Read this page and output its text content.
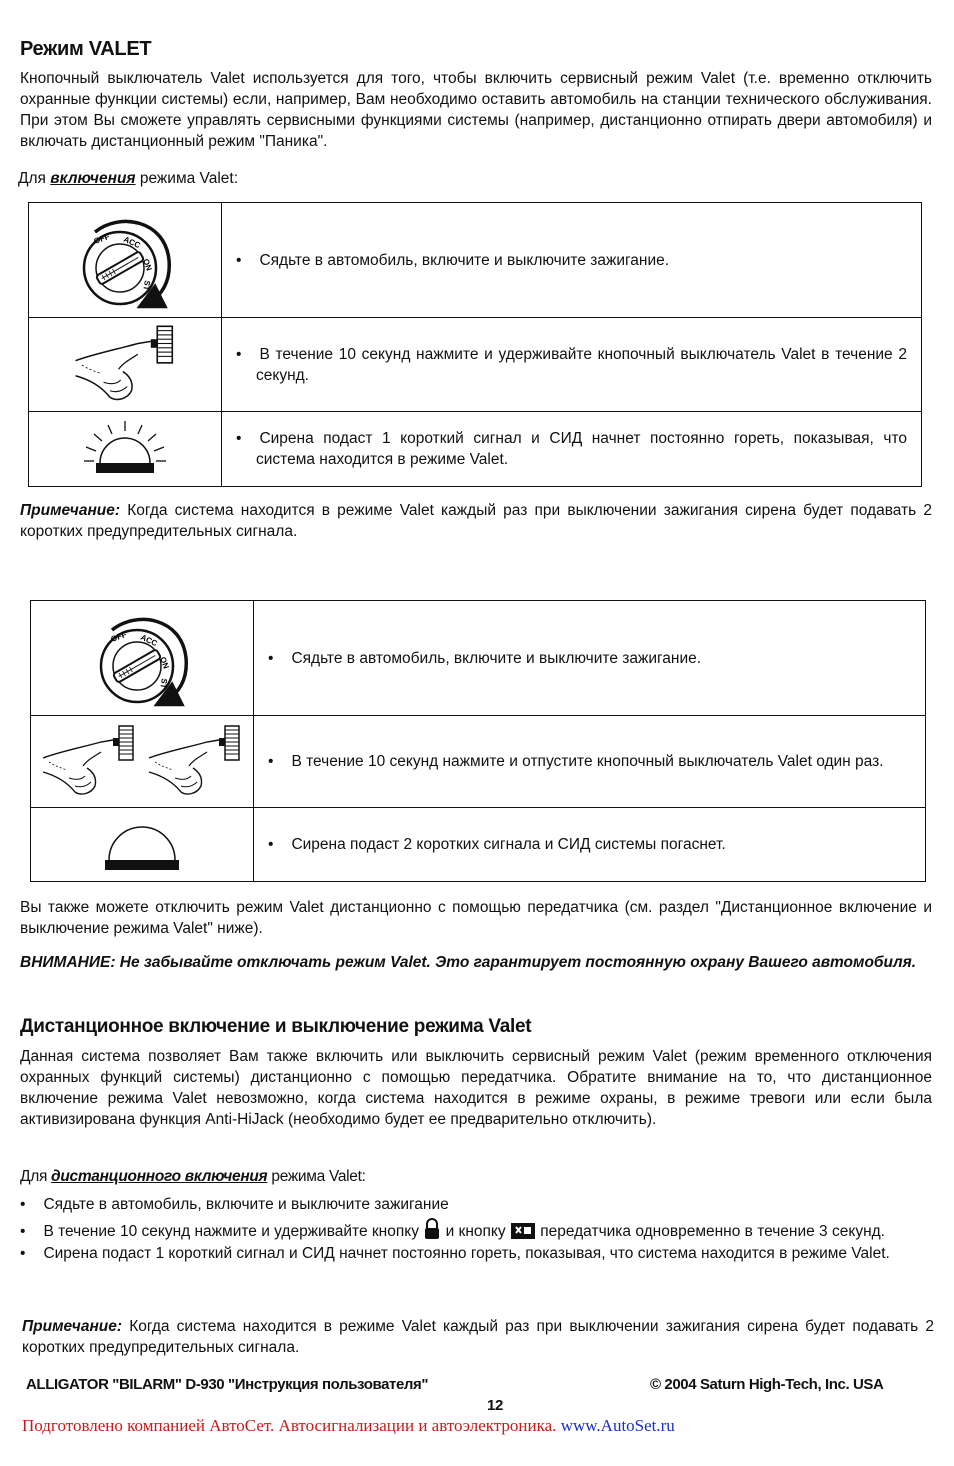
Режим VALET

Кнопочный выключатель Valet используется для того, чтобы включить сервисный режим Valet (т.е. временно отключить охранные функции системы) если, например, Вам необходимо оставить автомобиль на станции технического обслуживания. При этом Вы сможете управлять сервисными функциями системы (например, дистанционно отпирать двери автомобиля) и включать дистанционный режим "Паника".

Для включения режима Valet:

• Сядьте в автомобиль, включите и выключите зажигание.

• В течение 10 секунд нажмите и удерживайте кнопочный выключатель Valet в течение 2 секунд.

• Сирена подаст 1 короткий сигнал и СИД начнет постоянно гореть, показывая, что система находится в режиме Valet.

Примечание: Когда система находится в режиме Valet каждый раз при выключении зажигания сирена будет подавать 2 коротких предупредительных сигнала.

• Сядьте в автомобиль, включите и выключите зажигание.

• В течение 10 секунд нажмите и отпустите кнопочный выключатель Valet один раз.

• Сирена подаст 2 коротких сигнала и СИД системы погаснет.

Вы также можете отключить режим Valet дистанционно с помощью передатчика (см. раздел "Дистанционное включение и выключение режима Valet" ниже).

ВНИМАНИЕ: Не забывайте отключать режим Valet. Это гарантирует постоянную охрану Вашего автомобиля.

Дистанционное включение и выключение режима Valet

Данная система позволяет Вам также включить или выключить сервисный режим Valet (режим временного отключения охранных функций системы) дистанционно с помощью передатчика. Обратите внимание на то, что дистанционное включение режима Valet невозможно, когда система находится в режиме охраны, в режиме тревоги или если была активизирована функция Anti-HiJack (необходимо будет ее предварительно отключить).

Для дистанционного включения режима Valet:
• Сядьте в автомобиль, включите и выключите зажигание
• В течение 10 секунд нажмите и удерживайте кнопку  и кнопку  передатчика одновременно в течение 3 секунд.
• Сирена подаст 1 короткий сигнал и СИД начнет постоянно гореть, показывая, что система находится в режиме Valet.

Примечание: Когда система находится в режиме Valet каждый раз при выключении зажигания сирена будет подавать 2 коротких предупредительных сигнала.

ALLIGATOR "BILARM" D-930 "Инструкция пользователя"	© 2004 Saturn High-Tech, Inc. USA
12
Подготовлено компанией АвтоСет. Автосигнализации и автоэлектроника. www.AutoSet.ru
